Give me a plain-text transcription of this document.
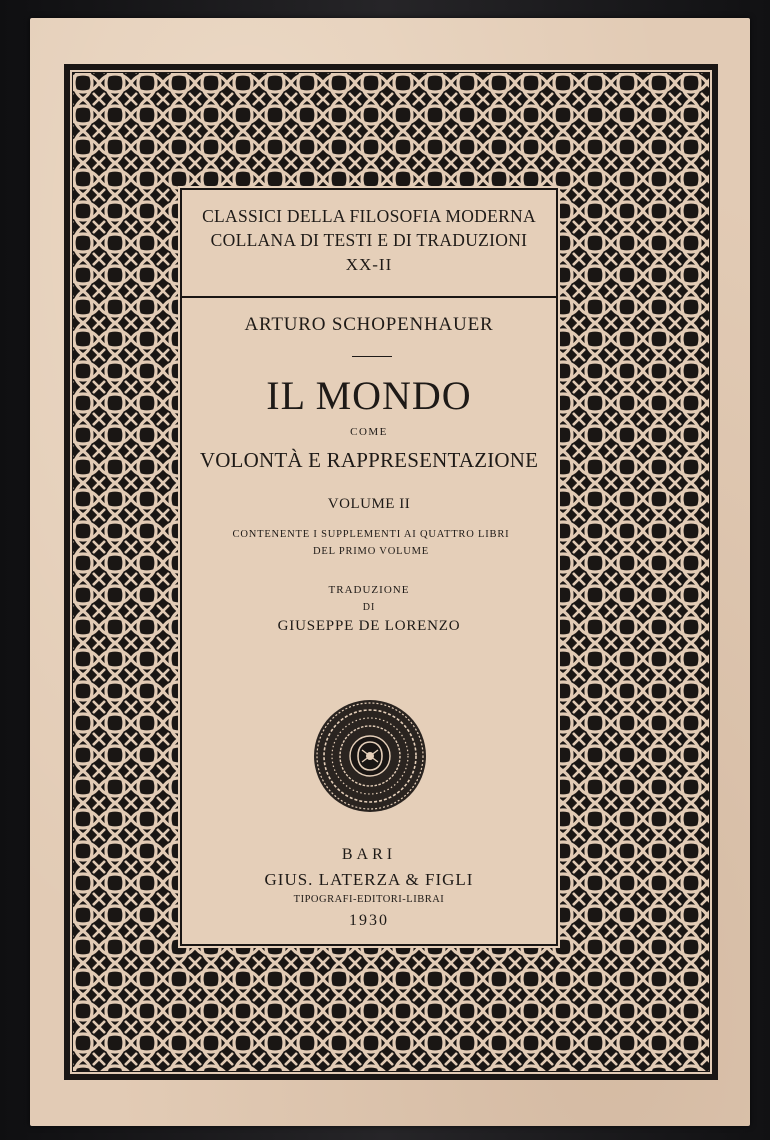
CLASSICI DELLA FILOSOFIA MODERNA
COLLANA DI TESTI E DI TRADUZIONI
XX-II
ARTURO SCHOPENHAUER
IL MONDO
COME
VOLONTÀ E RAPPRESENTAZIONE
VOLUME II
CONTENENTE I SUPPLEMENTI AI QUATTRO LIBRI
DEL PRIMO VOLUME
TRADUZIONE
DI
GIUSEPPE DE LORENZO
BARI
GIUS. LATERZA & FIGLI
TIPOGRAFI-EDITORI-LIBRAI
1930
